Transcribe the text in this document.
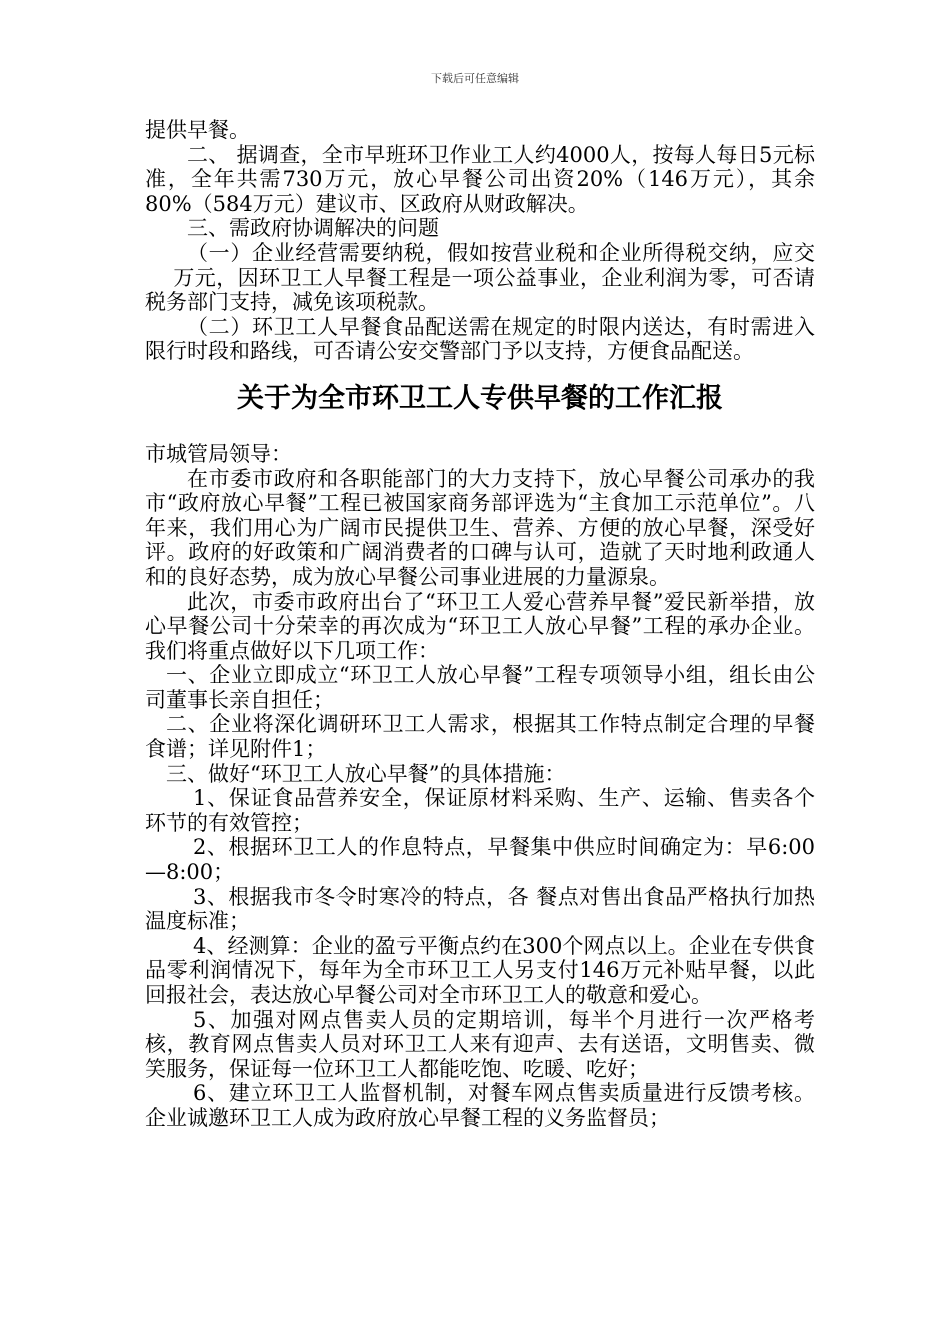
下载后可任意编辑

提供早餐。

二、 据调查，全市早班环卫作业工人约4000人，按每人每日5元标准，全年共需730万元，放心早餐公司出资20%（146万元），其余80%（584万元）建议市、区政府从财政解决。

三、需政府协调解决的问题

（一）企业经营需要纳税，假如按营业税和企业所得税交纳，应交万元，因环卫工人早餐工程是一项公益事业，企业利润为零，可否请税务部门支持，减免该项税款。

（二）环卫工人早餐食品配送需在规定的时限内送达，有时需进入限行时段和路线，可否请公安交警部门予以支持，方便食品配送。

关于为全市环卫工人专供早餐的工作汇报

市城管局领导：

在市委市政府和各职能部门的大力支持下，放心早餐公司承办的我市“政府放心早餐”工程已被国家商务部评选为“主食加工示范单位”。八年来，我们用心为广阔市民提供卫生、营养、方便的放心早餐，深受好评。政府的好政策和广阔消费者的口碑与认可，造就了天时地利政通人和的良好态势，成为放心早餐公司事业进展的力量源泉。

此次，市委市政府出台了“环卫工人爱心营养早餐”爱民新举措，放心早餐公司十分荣幸的再次成为“环卫工人放心早餐”工程的承办企业。我们将重点做好以下几项工作：

一、企业立即成立“环卫工人放心早餐”工程专项领导小组，组长由公司董事长亲自担任；

二、企业将深化调研环卫工人需求，根据其工作特点制定合理的早餐食谱；详见附件1；

三、做好“环卫工人放心早餐”的具体措施：

1、保证食品营养安全，保证原材料采购、生产、运输、售卖各个环节的有效管控；

2、根据环卫工人的作息特点，早餐集中供应时间确定为：早6:00—8:00；

3、根据我市冬令时寒冷的特点，各 餐点对售出食品严格执行加热温度标准；

4、经测算：企业的盈亏平衡点约在300个网点以上。企业在专供食品零利润情况下，每年为全市环卫工人另支付146万元补贴早餐，以此回报社会，表达放心早餐公司对全市环卫工人的敬意和爱心。

5、加强对网点售卖人员的定期培训，每半个月进行一次严格考核，教育网点售卖人员对环卫工人来有迎声、去有送语，文明售卖、微笑服务，保证每一位环卫工人都能吃饱、吃暖、吃好；

6、建立环卫工人监督机制，对餐车网点售卖质量进行反馈考核。企业诚邀环卫工人成为政府放心早餐工程的义务监督员；
